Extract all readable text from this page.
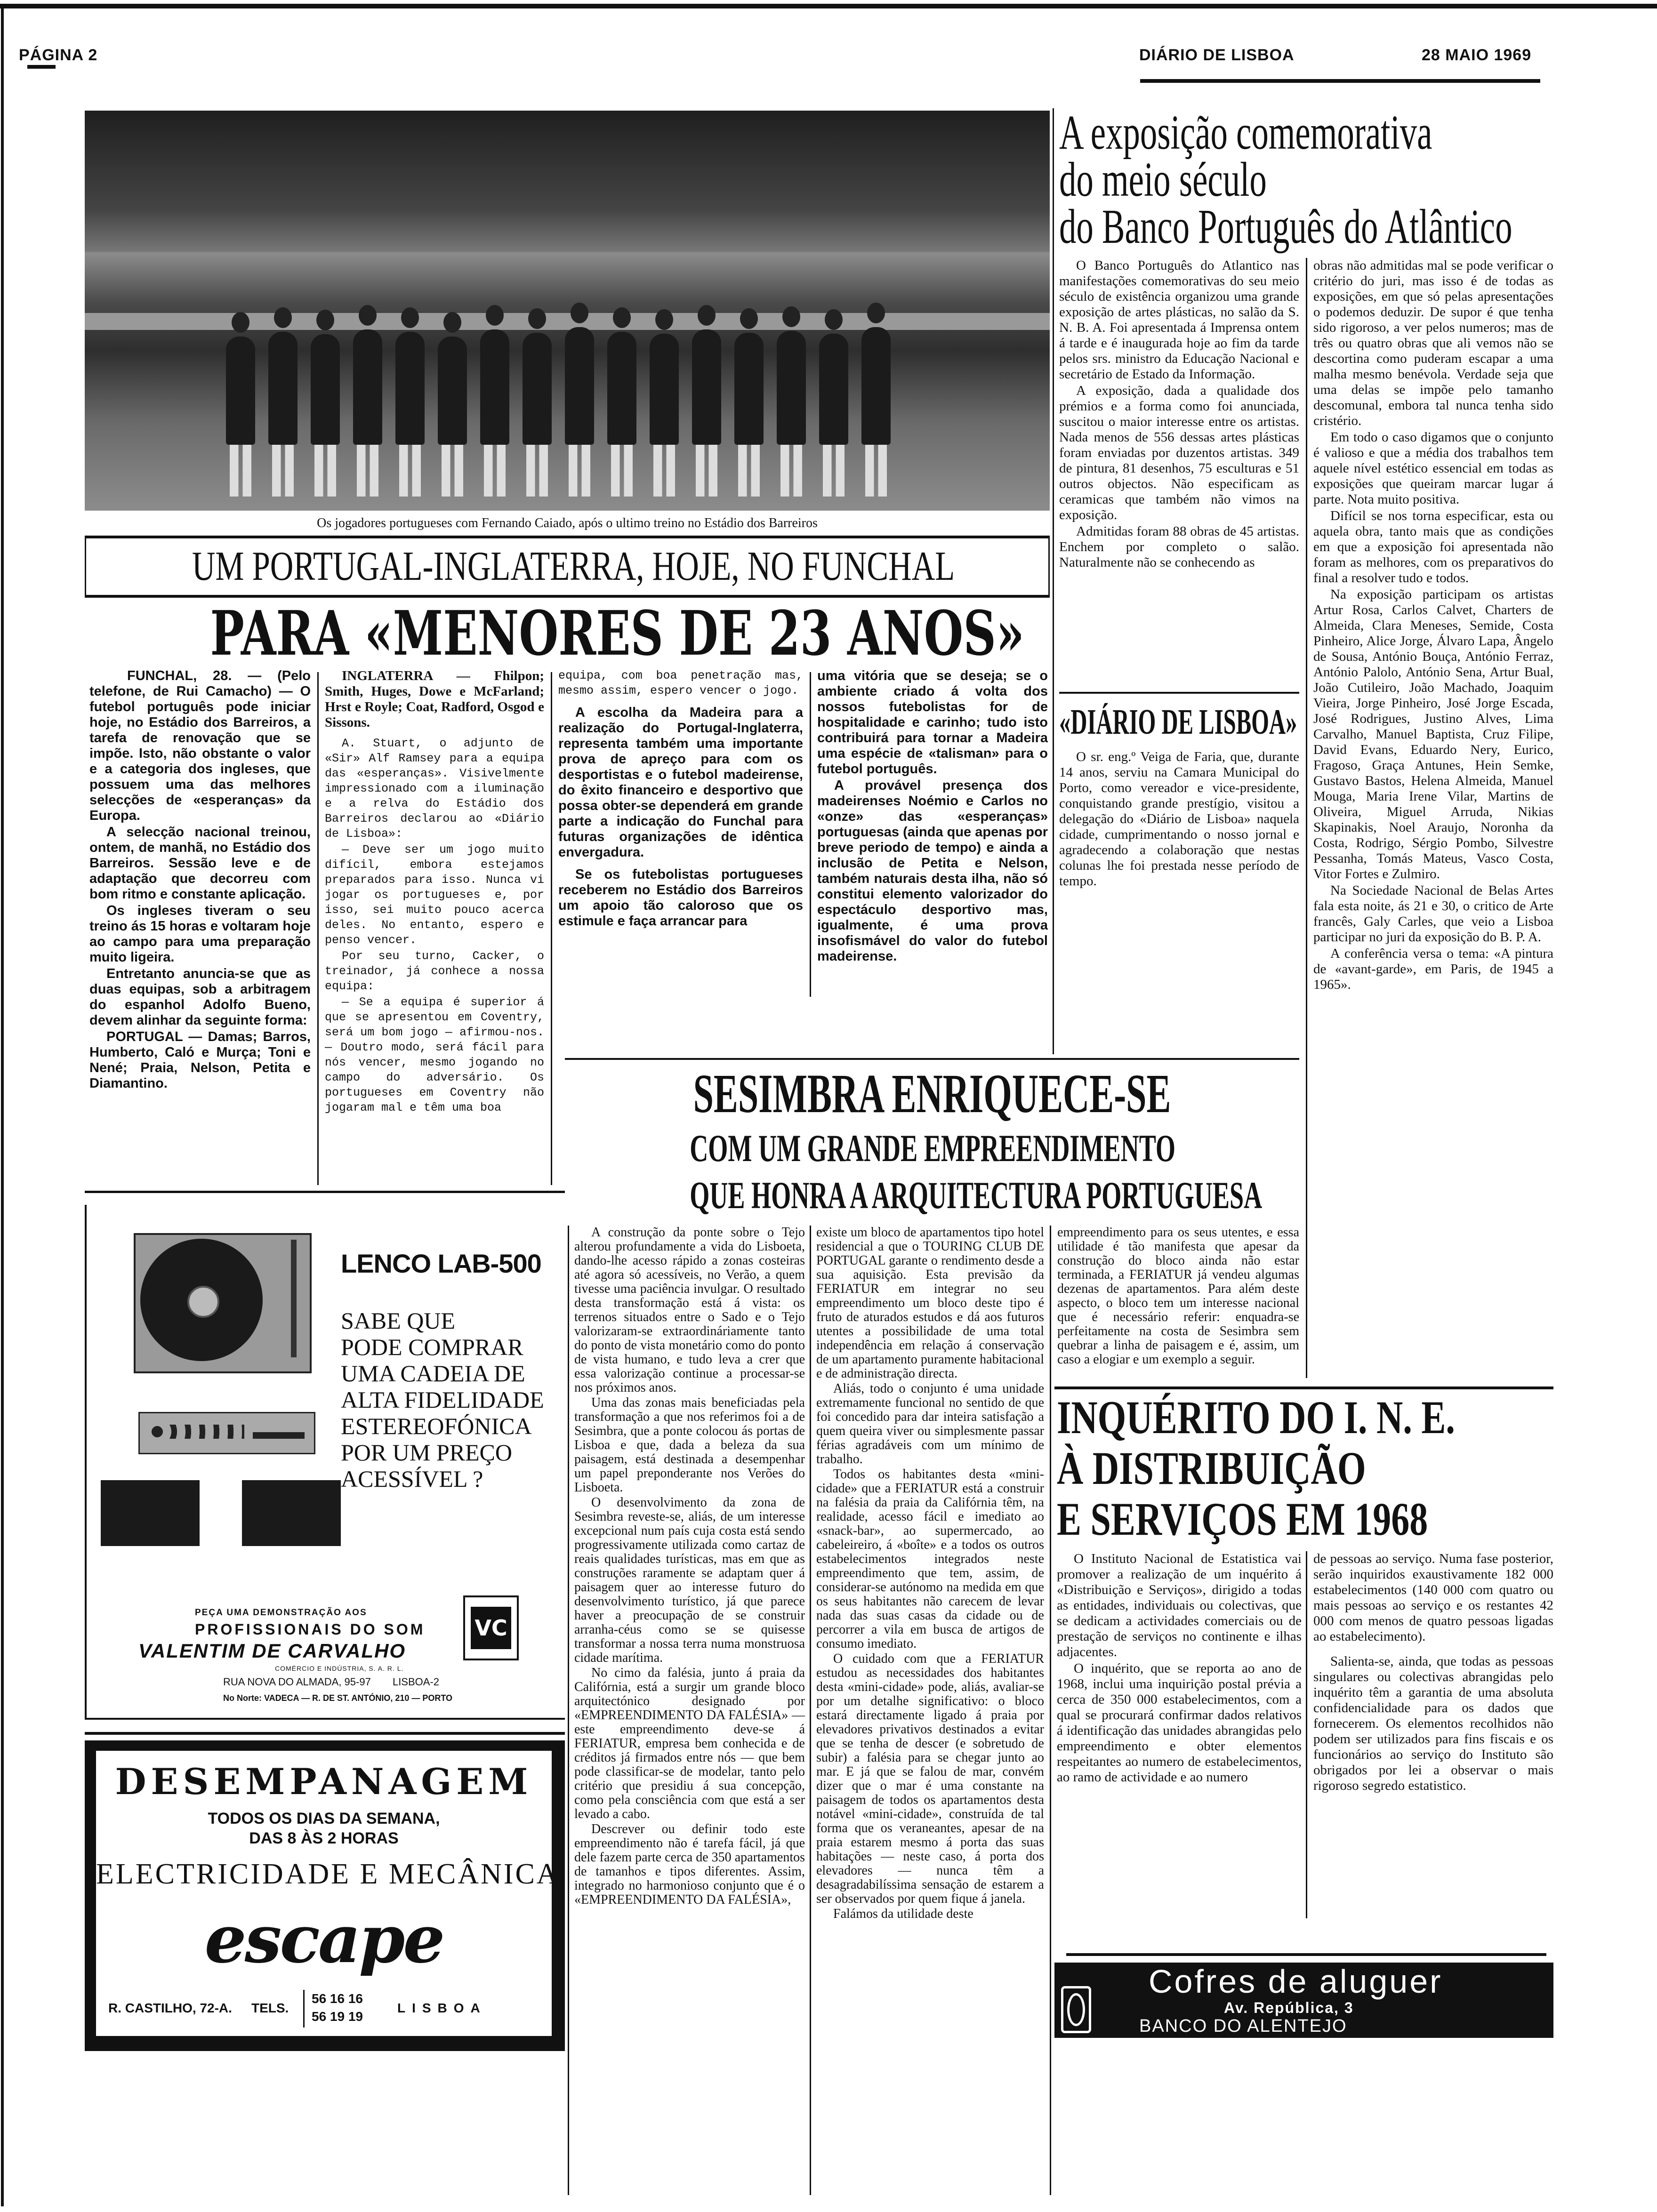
PÁGINA 2	DIÁRIO DE LISBOA	28 MAIO 1969
Os jogadores portugueses com Fernando Caiado, após o ultimo treino no Estádio dos Barreiros
UM PORTUGAL-INGLATERRA, HOJE, NO FUNCHAL
PARA «MENORES DE 23 ANOS»

FUNCHAL, 28. — (Pelo telefone, de Rui Camacho) — O futebol português pode iniciar hoje, no Estádio dos Barreiros, a tarefa de renovação que se impõe. Isto, não obstante o valor e a categoria dos ingleses, que possuem uma das melhores selecções de «esperanças» da Europa.

A selecção nacional treinou, ontem, de manhã, no Estádio dos Barreiros. Sessão leve e de adaptação que decorreu com bom ritmo e constante aplicação.

Os ingleses tiveram o seu treino ás 15 horas e voltaram hoje ao campo para uma preparação muito ligeira.

Entretanto anuncia-se que as duas equipas, sob a arbitragem do espanhol Adolfo Bueno, devem alinhar da seguinte forma:

PORTUGAL — Damas; Barros, Humberto, Caló e Murça; Toni e Nené; Praia, Nelson, Petita e Diamantino.

INGLATERRA — Fhilpon; Smith, Huges, Dowe e McFarland; Hrst e Royle; Coat, Radford, Osgod e Sissons.

A. Stuart, o adjunto de «Sir» Alf Ramsey para a equipa das «esperanças». Visivelmente impressionado com a iluminação e a relva do Estádio dos Barreiros declarou ao «Diário de Lisboa»:

— Deve ser um jogo muito difícil, embora estejamos preparados para isso. Nunca vi jogar os portugueses e, por isso, sei muito pouco acerca deles. No entanto, espero e penso vencer.

Por seu turno, Cacker, o treinador, já conhece a nossa equipa:

— Se a equipa é superior á que se apresentou em Coventry, será um bom jogo — afirmou-nos. — Doutro modo, será fácil para nós vencer, mesmo jogando no campo do adversário. Os portugueses em Coventry não jogaram mal e têm uma boa

equipa, com boa penetração mas, mesmo assim, espero vencer o jogo.

A escolha da Madeira para a realização do Portugal-Inglaterra, representa também uma importante prova de apreço para com os desportistas e o futebol madeirense, do êxito financeiro e desportivo que possa obter-se dependerá em grande parte a indicação do Funchal para futuras organizações de idêntica envergadura.

Se os futebolistas portugueses receberem no Estádio dos Barreiros um apoio tão caloroso que os estimule e faça arrancar para

uma vitória que se deseja; se o ambiente criado á volta dos nossos futebolistas for de hospitalidade e carinho; tudo isto contribuirá para tornar a Madeira uma espécie de «talisman» para o futebol português.

A provável presença dos madeirenses Noémio e Carlos no «onze» das «esperanças» portuguesas (ainda que apenas por breve periodo de tempo) e ainda a inclusão de Petita e Nelson, também naturais desta ilha, não só constitui elemento valorizador do espectáculo desportivo mas, igualmente, é uma prova insofismável do valor do futebol madeirense.

A exposição comemorativa
do meio século
do Banco Português do Atlântico

O Banco Português do Atlantico nas manifestações comemorativas do seu meio século de existência organizou uma grande exposição de artes plásticas, no salão da S. N. B. A. Foi apresentada á Imprensa ontem á tarde e é inaugurada hoje ao fim da tarde pelos srs. ministro da Educação Nacional e secretário de Estado da Informação.

A exposição, dada a qualidade dos prémios e a forma como foi anunciada, suscitou o maior interesse entre os artistas. Nada menos de 556 dessas artes plásticas foram enviadas por duzentos artistas. 349 de pintura, 81 desenhos, 75 esculturas e 51 outros objectos. Não especificam as ceramicas que também não vimos na exposição.

Admitidas foram 88 obras de 45 artistas. Enchem por completo o salão. Naturalmente não se conhecendo as

«DIÁRIO DE LISBOA»

O sr. eng.º Veiga de Faria, que, durante 14 anos, serviu na Camara Municipal do Porto, como vereador e vice-presidente, conquistando grande prestígio, visitou a delegação do «Diário de Lisboa» naquela cidade, cumprimentando o nosso jornal e agradecendo a colaboração que nestas colunas lhe foi prestada nesse período de tempo.

obras não admitidas mal se pode verificar o critério do juri, mas isso é de todas as exposições, em que só pelas apresentações o podemos deduzir. De supor é que tenha sido rigoroso, a ver pelos numeros; mas de três ou quatro obras que ali vemos não se descortina como puderam escapar a uma malha mesmo benévola. Verdade seja que uma delas se impõe pelo tamanho descomunal, embora tal nunca tenha sido cristério.

Em todo o caso digamos que o conjunto é valioso e que a média dos trabalhos tem aquele nível estético essencial em todas as exposições que queiram marcar lugar á parte. Nota muito positiva.

Difícil se nos torna especificar, esta ou aquela obra, tanto mais que as condições em que a exposição foi apresentada não foram as melhores, com os preparativos do final a resolver tudo e todos.

Na exposição participam os artistas Artur Rosa, Carlos Calvet, Charters de Almeida, Clara Meneses, Semide, Costa Pinheiro, Alice Jorge, Álvaro Lapa, Ângelo de Sousa, António Bouça, António Ferraz, António Palolo, António Sena, Artur Bual, João Cutileiro, João Machado, Joaquim Vieira, Jorge Pinheiro, José Jorge Escada, José Rodrigues, Justino Alves, Lima Carvalho, Manuel Baptista, Cruz Filipe, David Evans, Eduardo Nery, Eurico, Fragoso, Graça Antunes, Hein Semke, Gustavo Bastos, Helena Almeida, Manuel Mouga, Maria Irene Vilar, Martins de Oliveira, Miguel Arruda, Nikias Skapinakis, Noel Araujo, Noronha da Costa, Rodrigo, Sérgio Pombo, Silvestre Pessanha, Tomás Mateus, Vasco Costa, Vitor Fortes e Zulmiro.

Na Sociedade Nacional de Belas Artes fala esta noite, ás 21 e 30, o critico de Arte francês, Galy Carles, que veio a Lisboa participar no juri da exposição do B. P. A.

A conferência versa o tema: «A pintura de «avant-garde», em Paris, de 1945 a 1965».

SESIMBRA ENRIQUECE-SE
COM UM GRANDE EMPREENDIMENTO
QUE HONRA A ARQUITECTURA PORTUGUESA

A construção da ponte sobre o Tejo alterou profundamente a vida do Lisboeta, dando-lhe acesso rápido a zonas costeiras até agora só acessíveis, no Verão, a quem tivesse uma paciência invulgar. O resultado desta transformação está á vista: os terrenos situados entre o Sado e o Tejo valorizaram-se extraordináriamente tanto do ponto de vista monetário como do ponto de vista humano, e tudo leva a crer que essa valorização continue a processar-se nos próximos anos.

Uma das zonas mais beneficiadas pela transformação a que nos referimos foi a de Sesimbra, que a ponte colocou ás portas de Lisboa e que, dada a beleza da sua paisagem, está destinada a desempenhar um papel preponderante nos Verões do Lisboeta.

O desenvolvimento da zona de Sesimbra reveste-se, aliás, de um interesse excepcional num país cuja costa está sendo progressivamente utilizada como cartaz de reais qualidades turísticas, mas em que as construções raramente se adaptam quer á paisagem quer ao interesse futuro do desenvolvimento turístico, já que parece haver a preocupação de se construir arranha-céus como se se quisesse transformar a nossa terra numa monstruosa cidade marítima.

No cimo da falésia, junto á praia da Califórnia, está a surgir um grande bloco arquitectónico designado por «EMPREENDIMENTO DA FALÉSIA» — este empreendimento deve-se á FERIATUR, empresa bem conhecida e de créditos já firmados entre nós — que bem pode classificar-se de modelar, tanto pelo critério que presidiu á sua concepção, como pela consciência com que está a ser levado a cabo.

Descrever ou definir todo este empreendimento não é tarefa fácil, já que dele fazem parte cerca de 350 apartamentos de tamanhos e tipos diferentes. Assim, integrado no harmonioso conjunto que é o «EMPREENDIMENTO DA FALÉSIA»,

existe um bloco de apartamentos tipo hotel residencial a que o TOURING CLUB DE PORTUGAL garante o rendimento desde a sua aquisição. Esta previsão da FERIATUR em integrar no seu empreendimento um bloco deste tipo é fruto de aturados estudos e dá aos futuros utentes a possibilidade de uma total independência em relação á conservação de um apartamento puramente habitacional e de administração directa.

Aliás, todo o conjunto é uma unidade extremamente funcional no sentido de que foi concedido para dar inteira satisfação a quem queira viver ou simplesmente passar férias agradáveis com um mínimo de trabalho.

Todos os habitantes desta «mini-cidade» que a FERIATUR está a construir na falésia da praia da Califórnia têm, na realidade, acesso fácil e imediato ao «snack-bar», ao supermercado, ao cabeleireiro, á «boîte» e a todos os outros estabelecimentos integrados neste empreendimento que tem, assim, de considerar-se autónomo na medida em que os seus habitantes não carecem de levar nada das suas casas da cidade ou de percorrer a vila em busca de artigos de consumo imediato.

O cuidado com que a FERIATUR estudou as necessidades dos habitantes desta «mini-cidade» pode, aliás, avaliar-se por um detalhe significativo: o bloco estará directamente ligado á praia por elevadores privativos destinados a evitar que se tenha de descer (e sobretudo de subir) a falésia para se chegar junto ao mar. E já que se falou de mar, convém dizer que o mar é uma constante na paisagem de todos os apartamentos desta notável «mini-cidade», construída de tal forma que os veraneantes, apesar de na praia estarem mesmo á porta das suas habitações — neste caso, á porta dos elevadores — nunca têm a desagradabilíssima sensação de estarem a ser observados por quem fique á janela.

Falámos da utilidade deste

empreendimento para os seus utentes, e essa utilidade é tão manifesta que apesar da construção do bloco ainda não estar terminada, a FERIATUR já vendeu algumas dezenas de apartamentos. Para além deste aspecto, o bloco tem um interesse nacional que é necessário referir: enquadra-se perfeitamente na costa de Sesimbra sem quebrar a linha de paisagem e é, assim, um caso a elogiar e um exemplo a seguir.

INQUÉRITO DO I. N. E.
À DISTRIBUIÇÃO
E SERVIÇOS EM 1968

O Instituto Nacional de Estatistica vai promover a realização de um inquérito á «Distribuição e Serviços», dirigido a todas as entidades, individuais ou colectivas, que se dedicam a actividades comerciais ou de prestação de serviços no continente e ilhas adjacentes.

O inquérito, que se reporta ao ano de 1968, inclui uma inquirição postal prévia a cerca de 350 000 estabelecimentos, com a qual se procurará confirmar dados relativos á identificação das unidades abrangidas pelo empreendimento e obter elementos respeitantes ao numero de estabelecimentos, ao ramo de actividade e ao numero

de pessoas ao serviço. Numa fase posterior, serão inquiridos exaustivamente 182 000 estabelecimentos (140 000 com quatro ou mais pessoas ao serviço e os restantes 42 000 com menos de quatro pessoas ligadas ao estabelecimento).

Salienta-se, ainda, que todas as pessoas singulares ou colectivas abrangidas pelo inquérito têm a garantia de uma absoluta confidencialidade para os dados que fornecerem. Os elementos recolhidos não podem ser utilizados para fins fiscais e os funcionários ao serviço do Instituto são obrigados por lei a observar o mais rigoroso segredo estatistico.

Cofres de aluguer
Av. República, 3
BANCO DO ALENTEJO
LENCO LAB-500
SABE QUE
PODE COMPRAR
UMA CADEIA DE
ALTA FIDELIDADE
ESTEREOFÓNICA
POR UM PREÇO
ACESSÍVEL ?
PEÇA UMA DEMONSTRAÇÃO AOS
PROFISSIONAIS DO SOM
VALENTIM DE CARVALHO
COMÉRCIO E INDÚSTRIA, S. A. R. L.
RUA NOVA DO ALMADA, 95-97 LISBOA-2
No Norte: VADECA — R. DE ST. ANTÓNIO, 210 — PORTO
VC
DESEMPANAGEM
TODOS OS DIAS DA SEMANA,
DAS 8 ÀS 2 HORAS
ELECTRICIDADE E MECÂNICA
escape
R. CASTILHO, 72-A. TELS.
56 16 16
56 19 19
LISBOA
